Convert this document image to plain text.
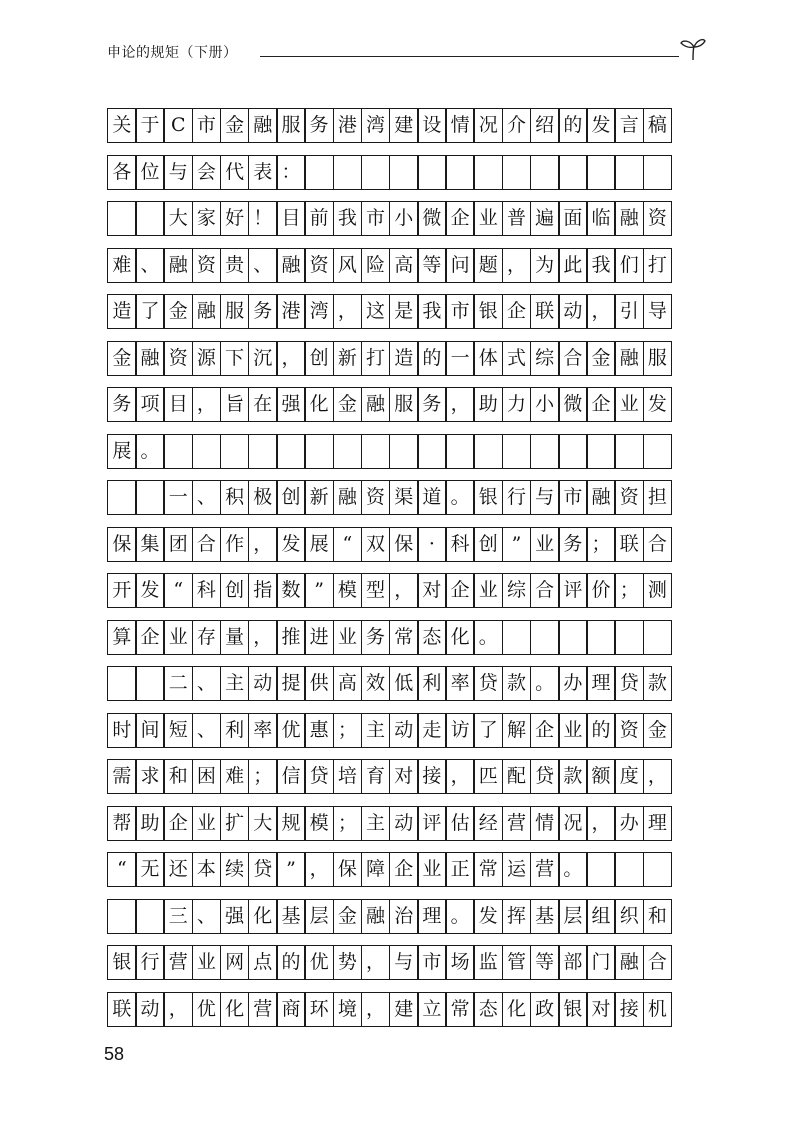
申论的规矩（下册）
关 于 C 市 金 融 服 务 港 湾 建 设 情 况 介 绍 的 发 言 稿
各 位 与 会 代 表 ：
大 家 好 ！ 目 前 我 市 小 微 企 业 普 遍 面 临 融 资
难 、 融 资 贵 、 融 资 风 险 高 等 问 题 ， 为 此 我 们 打
造 了 金 融 服 务 港 湾 ， 这 是 我 市 银 企 联 动 ， 引 导
金 融 资 源 下 沉 ， 创 新 打 造 的 一 体 式 综 合 金 融 服
务 项 目 ， 旨 在 强 化 金 融 服 务 ， 助 力 小 微 企 业 发
展 。
一 、 积 极 创 新 融 资 渠 道 。 银 行 与 市 融 资 担
保 集 团 合 作 ， 发 展 “ 双 保 · 科 创 ” 业 务 ； 联 合
开 发 “ 科 创 指 数 ” 模 型 ， 对 企 业 综 合 评 价 ； 测
算 企 业 存 量 ， 推 进 业 务 常 态 化 。
二 、 主 动 提 供 高 效 低 利 率 贷 款 。 办 理 贷 款
时 间 短 、 利 率 优 惠 ； 主 动 走 访 了 解 企 业 的 资 金
需 求 和 困 难 ； 信 贷 培 育 对 接 ， 匹 配 贷 款 额 度 ，
帮 助 企 业 扩 大 规 模 ； 主 动 评 估 经 营 情 况 ， 办 理
“ 无 还 本 续 贷 ” ， 保 障 企 业 正 常 运 营 。
三 、 强 化 基 层 金 融 治 理 。 发 挥 基 层 组 织 和
银 行 营 业 网 点 的 优 势 ， 与 市 场 监 管 等 部 门 融 合
联 动 ， 优 化 营 商 环 境 ， 建 立 常 态 化 政 银 对 接 机
58
